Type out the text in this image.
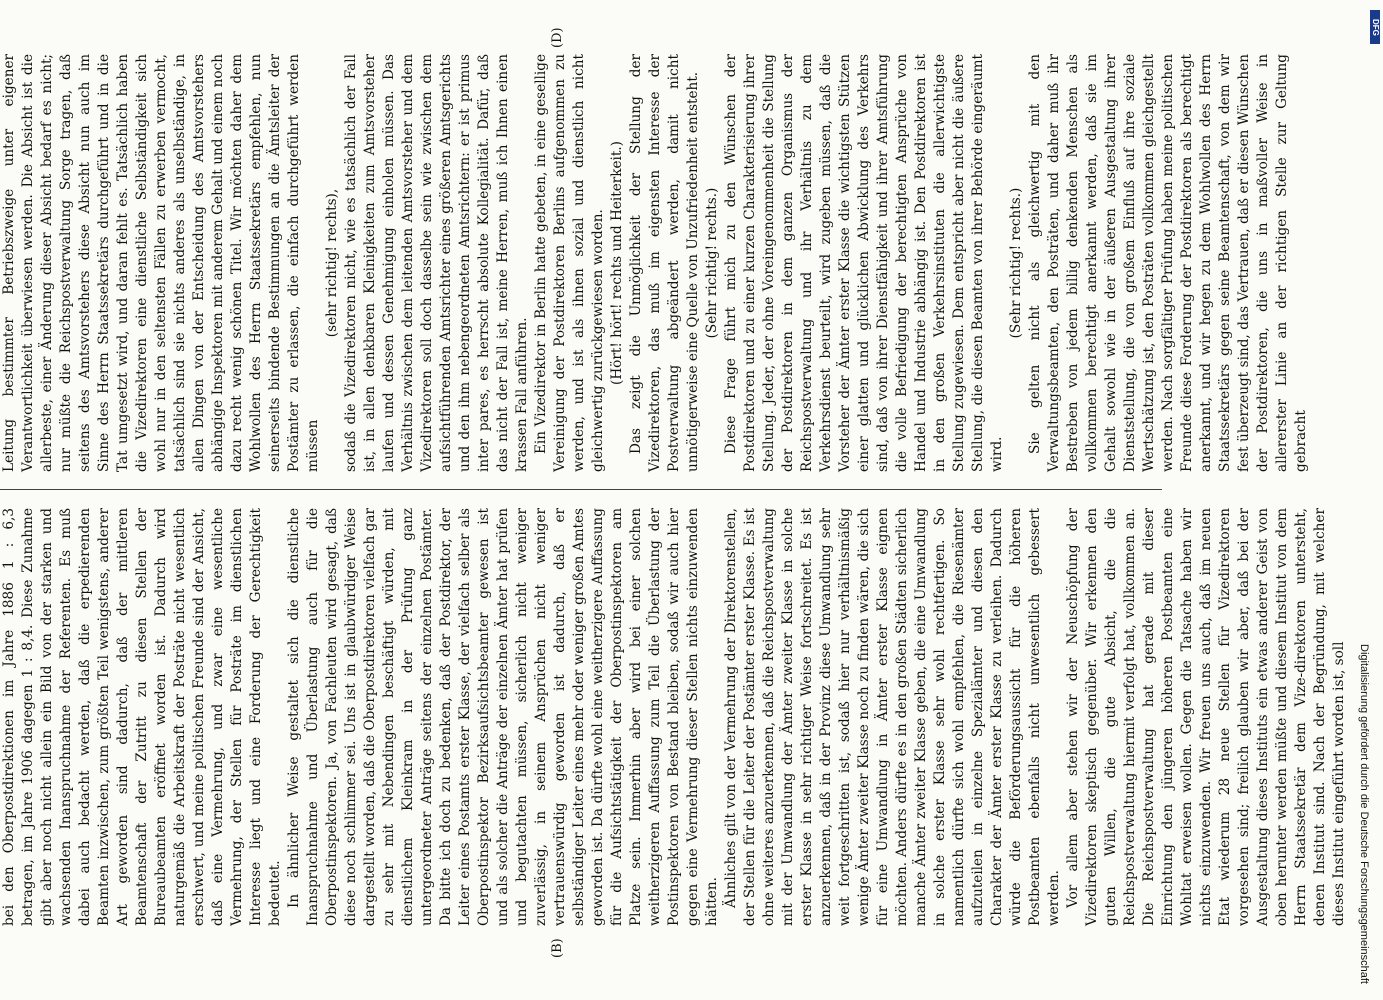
(B)
(D)

bei den Oberpostdirektionen im Jahre 1886 1 : 6,3 betragen, im Jahre 1906 dagegen 1 : 8,4. Diese Zunahme gibt aber noch nicht allein ein Bild von der starken und wachsenden Inanspruchnahme der Referenten. Es muß dabei auch bedacht werden, daß die erpedierenden Beamten inzwischen, zum größten Teil wenigstens, anderer Art geworden sind dadurch, daß der mittleren Beamtenschaft der Zutritt zu diesen Stellen der Bureaubeamten eröffnet worden ist. Dadurch wird naturgemäß die Arbeitskraft der Posträte nicht wesentlich erschwert, und meine politischen Freunde sind der Ansicht, daß eine Vermehrung, und zwar eine wesentliche Vermehrung, der Stellen für Posträte im dienstlichen Interesse liegt und eine Forderung der Gerechtigkeit bedeutet. In ähnlicher Weise gestaltet sich die dienstliche Inanspruchnahme und Überlastung auch für die Oberpostinspektoren. Ja, von Fachleuten wird gesagt, daß diese noch schlimmer sei. Uns ist in glaubwürdiger Weise dargestellt worden, daß die Oberpostdirektoren vielfach gar zu sehr mit Nebendingen beschäftigt würden, mit dienstlichem Kleinkram in der Prüfung ganz untergeordneter Anträge seitens der einzelnen Postämter. Da bitte ich doch zu bedenken, daß der Postdirektor, der Leiter eines Postamts erster Klasse, der vielfach selber als Oberpostinspektor Bezirksaufsichtsbeamter gewesen ist und als solcher die Anträge der einzelnen Ämter hat prüfen und begutachten müssen, sicherlich nicht weniger zuverlässig, in seinem Ansprüchen nicht weniger vertrauenswürdig geworden ist dadurch, daß er selbständiger Leiter eines mehr oder weniger großen Amtes geworden ist. Da dürfte wohl eine weitherzigere Auffassung für die Aufsichtstätigkeit der Oberpostinspektoren am Platze sein. Immerhin aber wird bei einer solchen weitherzigeren Auffassung zum Teil die Überlastung der Postinspektoren von Bestand bleiben, sodaß wir auch hier gegen eine Vermehrung dieser Stellen nichts einzuwenden hätten. Ähnliches gilt von der Vermehrung der Direktorenstellen, der Stellen für die Leiter der Postämter erster Klasse. Es ist ohne weiteres anzuerkennen, daß die Reichspostverwaltung mit der Umwandlung der Ämter zweiter Klasse in solche erster Klasse in sehr richtiger Weise fortschreitet. Es ist anzuerkennen, daß in der Provinz diese Umwandlung sehr weit fortgeschritten ist, sodaß hier nur verhältnismäßig wenige Ämter zweiter Klasse noch zu finden wären, die sich für eine Umwandlung in Ämter erster Klasse eignen möchten. Anders dürfte es in den großen Städten sicherlich manche Ämter zweiter Klasse geben, die eine Umwandlung in solche erster Klasse sehr wohl rechtfertigen. So namentlich dürfte sich wohl empfehlen, die Riesenämter aufzuteilen in einzelne Spezialämter und diesen den Charakter der Ämter erster Klasse zu verleihen. Dadurch würde die Beförderungsaussicht für die höheren Postbeamten ebenfalls nicht unwesentlich gebessert werden. Vor allem aber stehen wir der Neuschöpfung der Vizedirektoren skeptisch gegenüber. Wir erkennen den guten Willen, die gute Absicht, die die Reichspostverwaltung hiermit verfolgt hat, vollkommen an. Die Reichspostverwaltung hat gerade mit dieser Einrichtung den jüngeren höheren Postbeamten eine Wohltat erweisen wollen. Gegen die Tatsache haben wir nichts einzuwenden. Wir freuen uns auch, daß im neuen Etat wiederum 28 neue Stellen für Vizedirektoren vorgesehen sind; freilich glauben wir aber, daß bei der Ausgestaltung dieses Instituts ein etwas anderer Geist von oben herunter werden müßte und diesem Institut von dem Herrn Staatssekretär dem Vize-direktoren untersteht, denen Institut sind. Nach der Begründung, mit welcher dieses Institut eingeführt worden ist, soll

Leitung bestimmter Betriebszweige unter eigener Verantwortlichkeit überwiesen werden. Die Absicht ist die allerbeste, einer Änderung dieser Absicht bedarf es nicht; nur müßte die Reichspostverwaltung Sorge tragen, daß seitens des Amtsvorstehers diese Absicht nun auch im Sinne des Herrn Staatssekretärs durchgeführt und in die Tat umgesetzt wird, und daran fehlt es. Tatsächlich haben die Vizedirektoren eine dienstliche Selbständigkeit sich wohl nur in den seltensten Fällen zu erwerben vermocht, tatsächlich sind sie nichts anderes als unselbständige, in allen Dingen von der Entscheidung des Amtsvorstehers abhängige Inspektoren mit anderem Gehalt und einem noch dazu recht wenig schönen Titel. Wir möchten daher dem Wohlwollen des Herrn Staatssekretärs empfehlen, nun seinerseits bindende Bestimmungen an die Ämtsleiter der Postämter zu erlassen, die einfach durchgeführt werden müssen

(sehr richtig! rechts), sodaß die Vizedirektoren nicht, wie es tatsächlich der Fall ist, in allen denkbaren Kleinigkeiten zum Amtsvorsteher laufen und dessen Genehmigung einholen müssen. Das Verhältnis zwischen dem leitenden Amtsvorsteher und dem Vizedirektoren soll doch dasselbe sein wie zwischen dem aufsichtführenden Amtsrichter eines größeren Amtsgerichts und den ihm nebengeordneten Amtsrichtern: er ist primus inter pares, es herrscht absolute Kollegialität. Dafür, daß das nicht der Fall ist, meine Herren, muß ich Ihnen einen krassen Fall anführen. Ein Vizedirektor in Berlin hatte gebeten, in eine gesellige Vereinigung der Postdirektoren Berlins aufgenommen zu werden, und ist als ihnen sozial und dienstlich nicht gleichwertig zurückgewiesen worden. (Hört! hört! rechts und Heiterkeit.) Das zeigt die Unmöglichkeit der Stellung der Vizedirektoren, das muß im eigensten Interesse der Postverwaltung abgeändert werden, damit nicht unnötigerweise eine Quelle von Unzufriedenheit entsteht. (Sehr richtig! rechts.) Diese Frage führt mich zu den Wünschen der Postdirektoren und zu einer kurzen Charakterisierung ihrer Stellung. Jeder, der ohne Voreingenommenheit die Stellung der Postdirektoren in dem ganzen Organismus der Reichspostverwaltung und ihr Verhältnis zu dem Verkehrsdienst beurteilt, wird zugeben müssen, daß die Vorsteher der Ämter erster Klasse die wichtigsten Stützen einer glatten und glücklichen Abwicklung des Verkehrs sind, daß von ihrer Dienstfähigkeit und ihrer Amtsführung die volle Befriedigung der berechtigten Ansprüche von Handel und Industrie abhängig ist. Den Postdirektoren ist in den großen Verkehrsinstituten die allerwichtigste Stellung zugewiesen. Dem entspricht aber nicht die äußere Stellung, die diesen Beamten von ihrer Behörde eingeräumt wird.

(Sehr richtig! rechts.) Sie gelten nicht als gleichwertig mit den Verwaltungsbeamten, den Posträten, und daher muß ihr Bestreben von jedem billig denkenden Menschen als vollkommen berechtigt anerkannt werden, daß sie im Gehalt sowohl wie in der äußeren Ausgestaltung ihrer Dienststellung, die von großem Einfluß auf ihre soziale Wertschätzung ist, den Posträten vollkommen gleichgestellt werden. Nach sorgfältiger Prüfung haben meine politischen Freunde diese Forderung der Postdirektoren als berechtigt anerkannt, und wir hegen zu dem Wohlwollen des Herrn Staatssekretärs gegen seine Beamtenschaft, von dem wir fest überzeugt sind, das Vertrauen, daß er diesen Wünschen der Postdirektoren, die uns in maßvoller Weise in allererster Linie an der richtigen Stelle zur Geltung gebracht

Digitalisierung gefördert durch die Deutsche Forschungsgemeinschaft
DFG
